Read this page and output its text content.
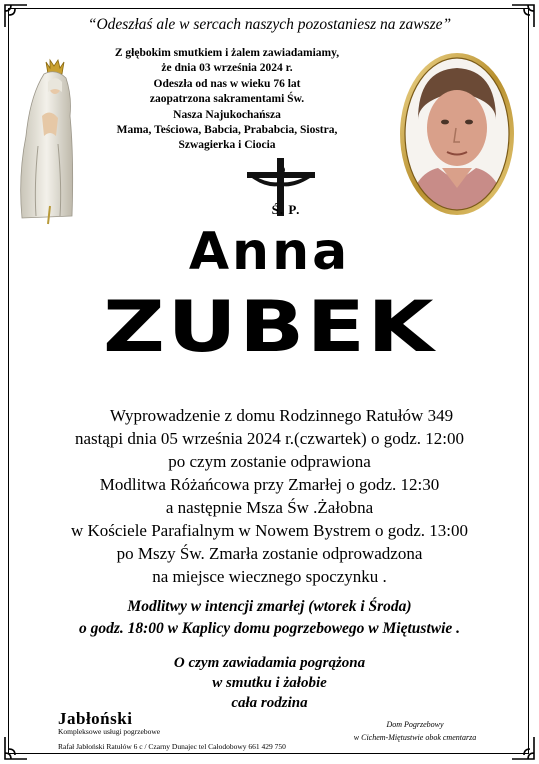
“Odeszłaś ale w sercach naszych pozostaniesz na zawsze”
Z głębokim smutkiem i żalem zawiadamiamy,
że dnia 03 września 2024 r.
Odeszła od nas w wieku 76 lat
zaopatrzona sakramentami Św.
Nasza Najukochańsza
Mama, Teściowa, Babcia, Prababcia, Siostra,
Szwagierka i Ciocia
Ś. P.
Anna
ZUBEK
Wyprowadzenie z domu Rodzinnego Ratułów 349
nastąpi dnia 05 września 2024 r.(czwartek) o godz. 12:00
po czym zostanie odprawiona
Modlitwa Różańcowa przy Zmarłej o godz. 12:30
a następnie Msza Św .Żałobna
w Kościele Parafialnym w Nowem Bystrem o godz. 13:00
po Mszy Św. Zmarła zostanie odprowadzona
na miejsce wiecznego spoczynku .
Modlitwy w intencji zmarłej (wtorek i Środa)
o godz. 18:00 w Kaplicy domu pogrzebowego w Miętustwie .
O czym zawiadamia pogrążona
w smutku i żałobie
cała rodzina
Jabłoński
Kompleksowe usługi pogrzebowe
Rafał Jabłoński Ratułów 6 c / Czarny Dunajec tel Całodobowy 661 429 750
Dom Pogrzebowy
w Cichem-Miętustwie obok cmentarza
